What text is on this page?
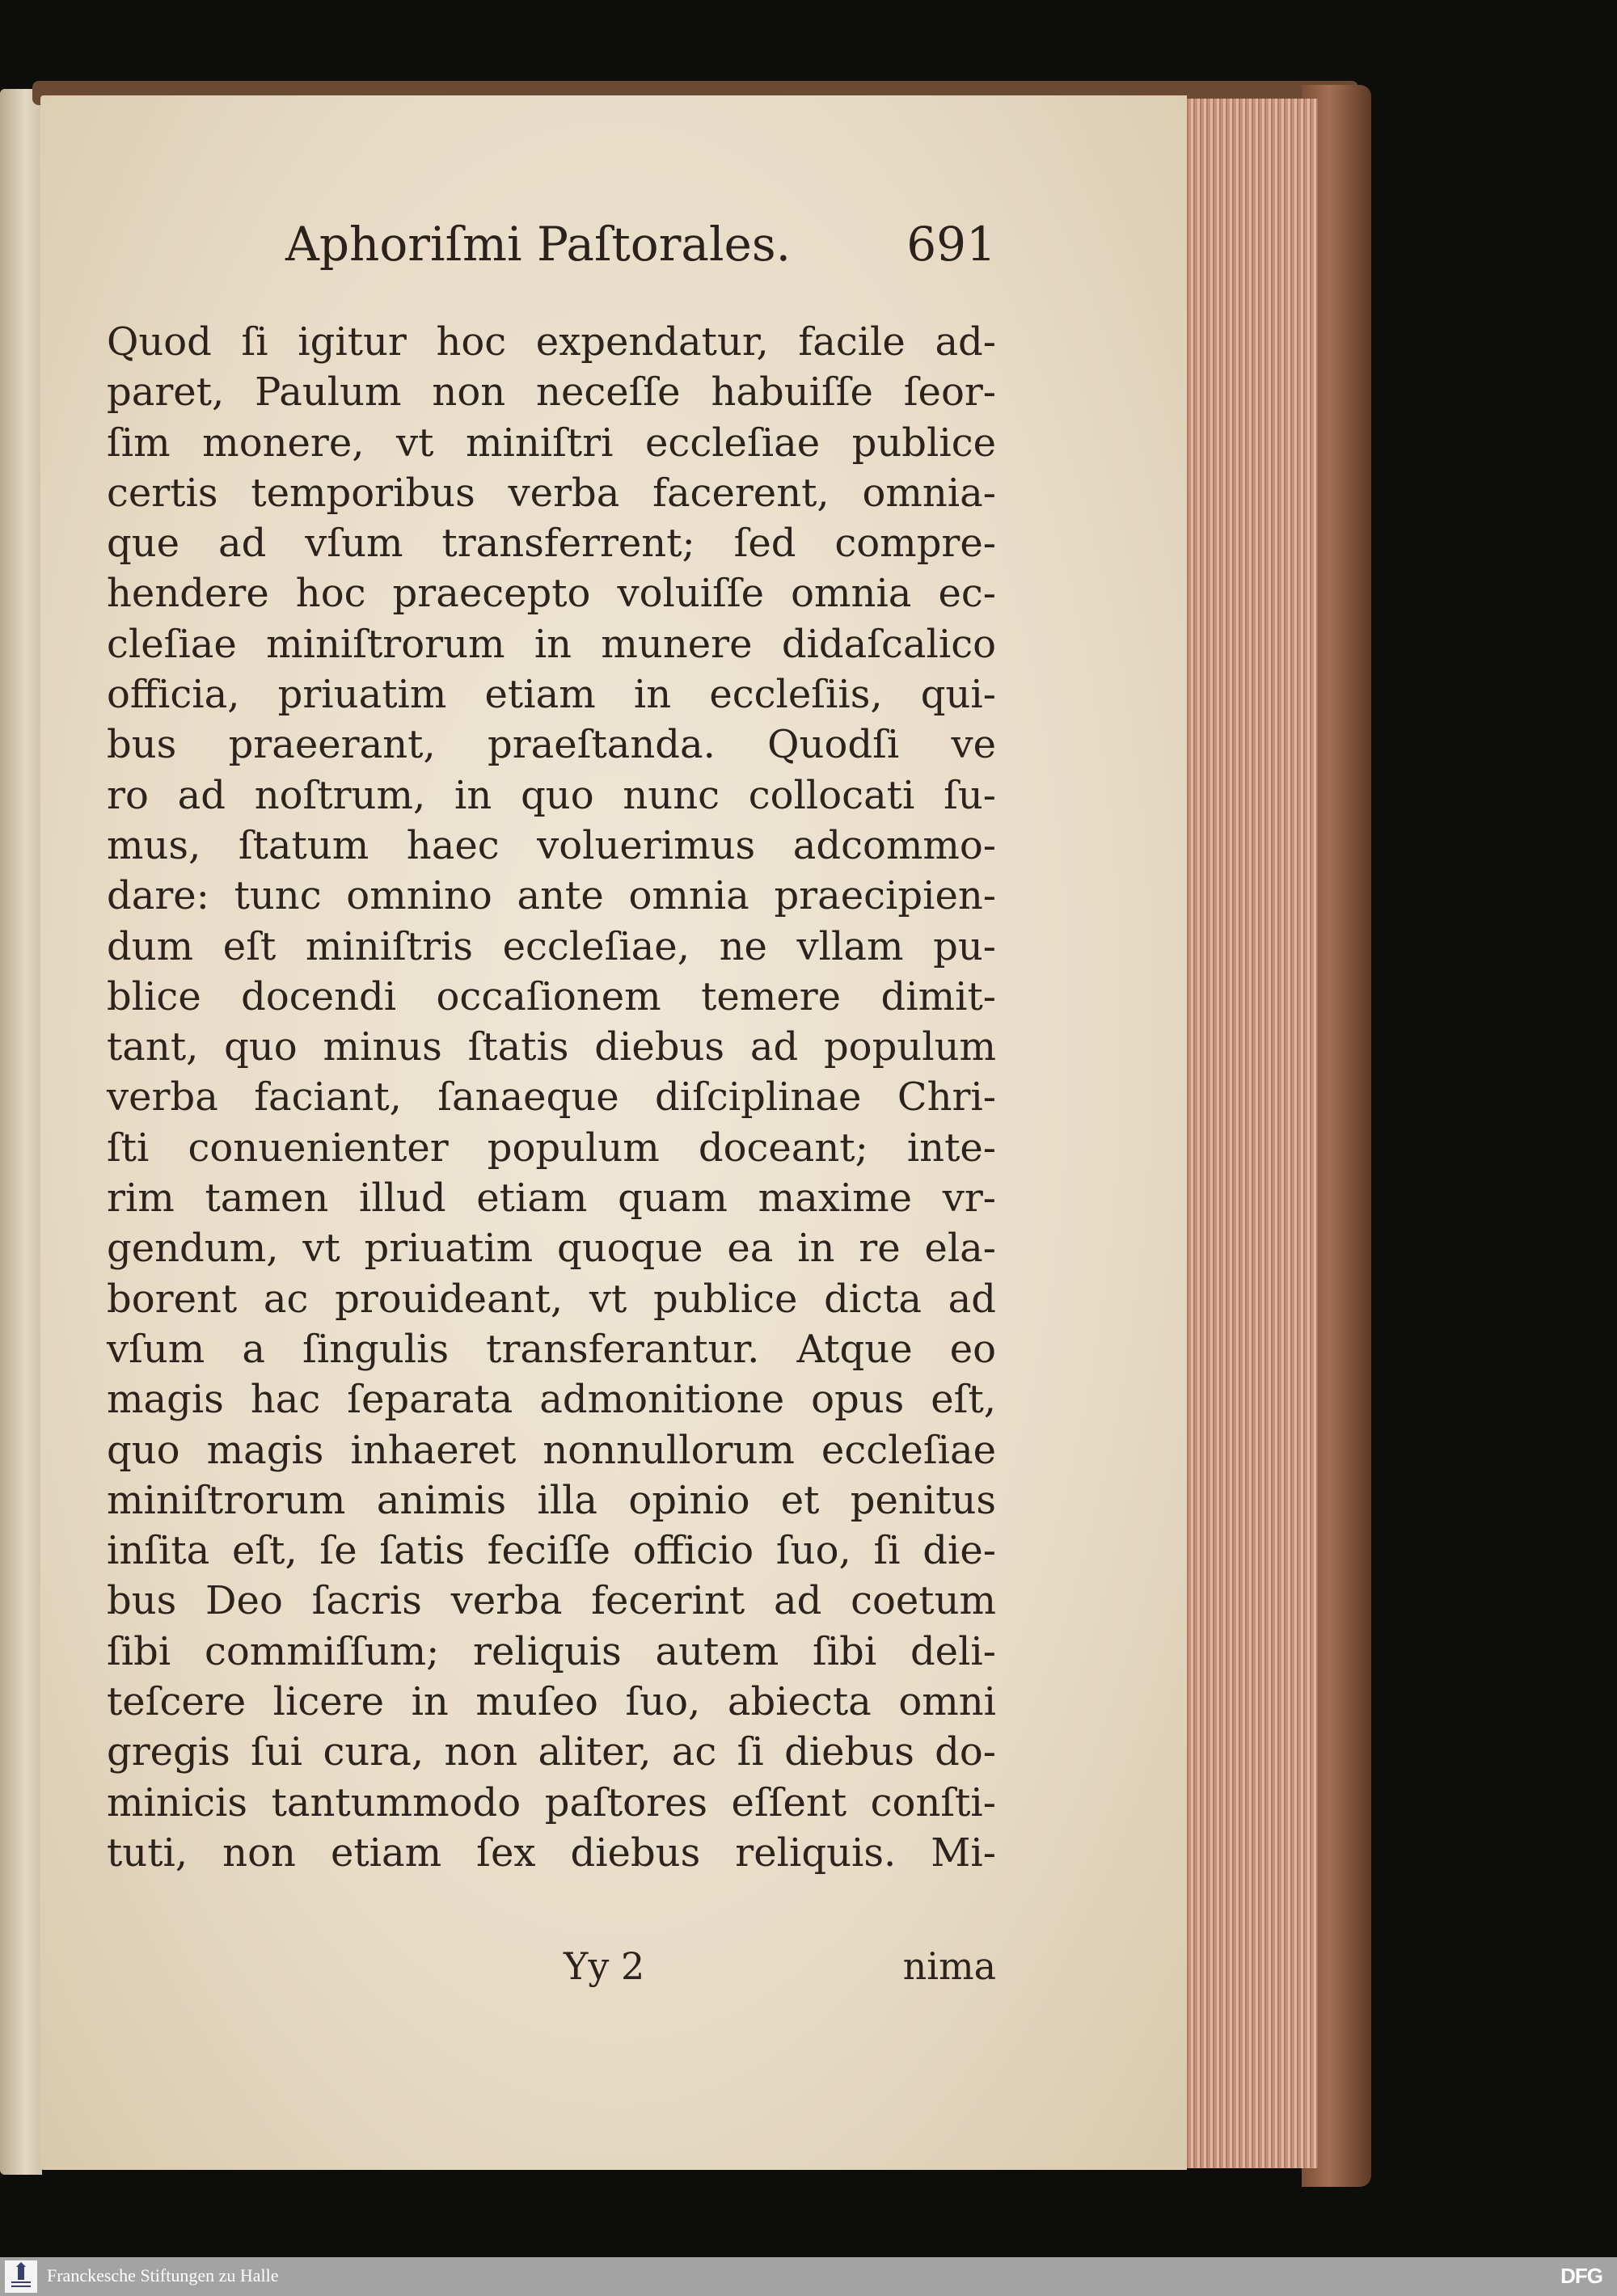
Aphoriſmi Paſtorales.	691
Quod ſi igitur hoc expendatur, facile ad-
paret, Paulum non neceſſe habuiſſe ſeor-
ſim monere, vt miniſtri eccleſiae publice
certis temporibus verba facerent, omnia-
que ad vſum transferrent; ſed compre-
hendere hoc praecepto voluiſſe omnia ec-
cleſiae miniſtrorum in munere didaſcalico
officia, priuatim etiam in eccleſiis, qui-
bus praeerant, praeſtanda. Quodſi ve
ro ad noſtrum, in quo nunc collocati ſu-
mus, ſtatum haec voluerimus adcommo-
dare: tunc omnino ante omnia praecipien-
dum eſt miniſtris eccleſiae, ne vllam pu-
blice docendi occaſionem temere dimit-
tant, quo minus ſtatis diebus ad populum
verba faciant, ſanaeque diſciplinae Chri-
ſti conuenienter populum doceant; inte-
rim tamen illud etiam quam maxime vr-
gendum, vt priuatim quoque ea in re ela-
borent ac prouideant, vt publice dicta ad
vſum a ſingulis transferantur. Atque eo
magis hac ſeparata admonitione opus eſt,
quo magis inhaeret nonnullorum eccleſiae
miniſtrorum animis illa opinio et penitus
inſita eſt, ſe ſatis feciſſe officio ſuo, ſi die-
bus Deo ſacris verba fecerint ad coetum
ſibi commiſſum; reliquis autem ſibi deli-
teſcere licere in muſeo ſuo, abiecta omni
gregis ſui cura, non aliter, ac ſi diebus do-
minicis tantummodo paſtores eſſent conſti-
tuti, non etiam ſex diebus reliquis. Mi-
Yy 2	nima
Franckesche Stiftungen zu Halle	DFG
